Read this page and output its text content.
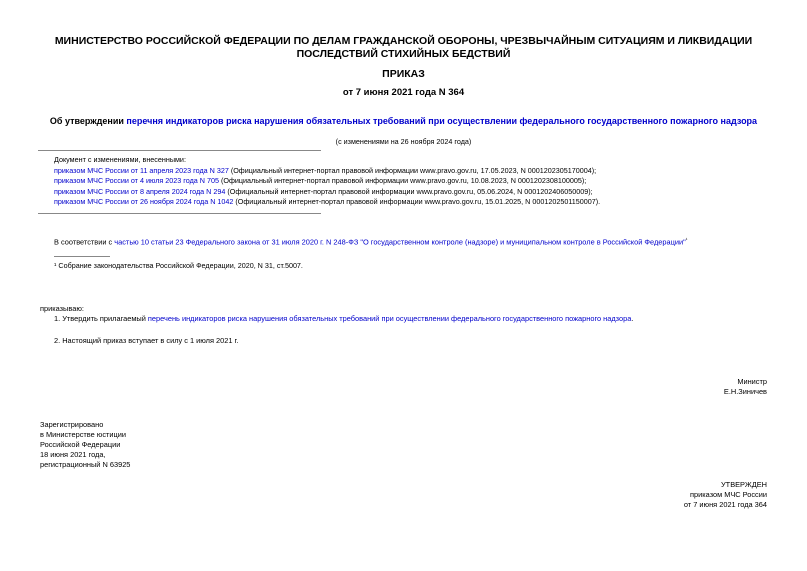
МИНИСТЕРСТВО РОССИЙСКОЙ ФЕДЕРАЦИИ ПО ДЕЛАМ ГРАЖДАНСКОЙ ОБОРОНЫ, ЧРЕЗВЫЧАЙНЫМ СИТУАЦИЯМ И ЛИКВИДАЦИИ ПОСЛЕДСТВИЙ СТИХИЙНЫХ БЕДСТВИЙ
ПРИКАЗ
от 7 июня 2021 года N 364
Об утверждении перечня индикаторов риска нарушения обязательных требований при осуществлении федерального государственного пожарного надзора
(с изменениями на 26 ноября 2024 года)
Документ с изменениями, внесенными:
приказом МЧС России от 11 апреля 2023 года N 327 (Официальный интернет-портал правовой информации www.pravo.gov.ru, 17.05.2023, N 0001202305170004);
приказом МЧС России от 4 июля 2023 года N 705 (Официальный интернет-портал правовой информации www.pravo.gov.ru, 10.08.2023, N 0001202308100005);
приказом МЧС России от 8 апреля 2024 года N 294 (Официальный интернет-портал правовой информации www.pravo.gov.ru, 05.06.2024, N 0001202406050009);
приказом МЧС России от 26 ноября 2024 года N 1042 (Официальный интернет-портал правовой информации www.pravo.gov.ru, 15.01.2025, N 0001202501150007).
В соответствии с частью 10 статьи 23 Федерального закона от 31 июля 2020 г. N 248-ФЗ "О государственном контроле (надзоре) и муниципальном контроле в Российской Федерации"$^{^1}$
¹ Собрание законодательства Российской Федерации, 2020, N 31, ст.5007.
приказываю:
1. Утвердить прилагаемый перечень индикаторов риска нарушения обязательных требований при осуществлении федерального государственного пожарного надзора.
2. Настоящий приказ вступает в силу с 1 июля 2021 г.
Министр
Е.Н.Зиничев
Зарегистрировано
в Министерстве юстиции
Российской Федерации
18 июня 2021 года,
регистрационный N 63925
УТВЕРЖДЕН
приказом МЧС России
от 7 июня 2021 года 364
